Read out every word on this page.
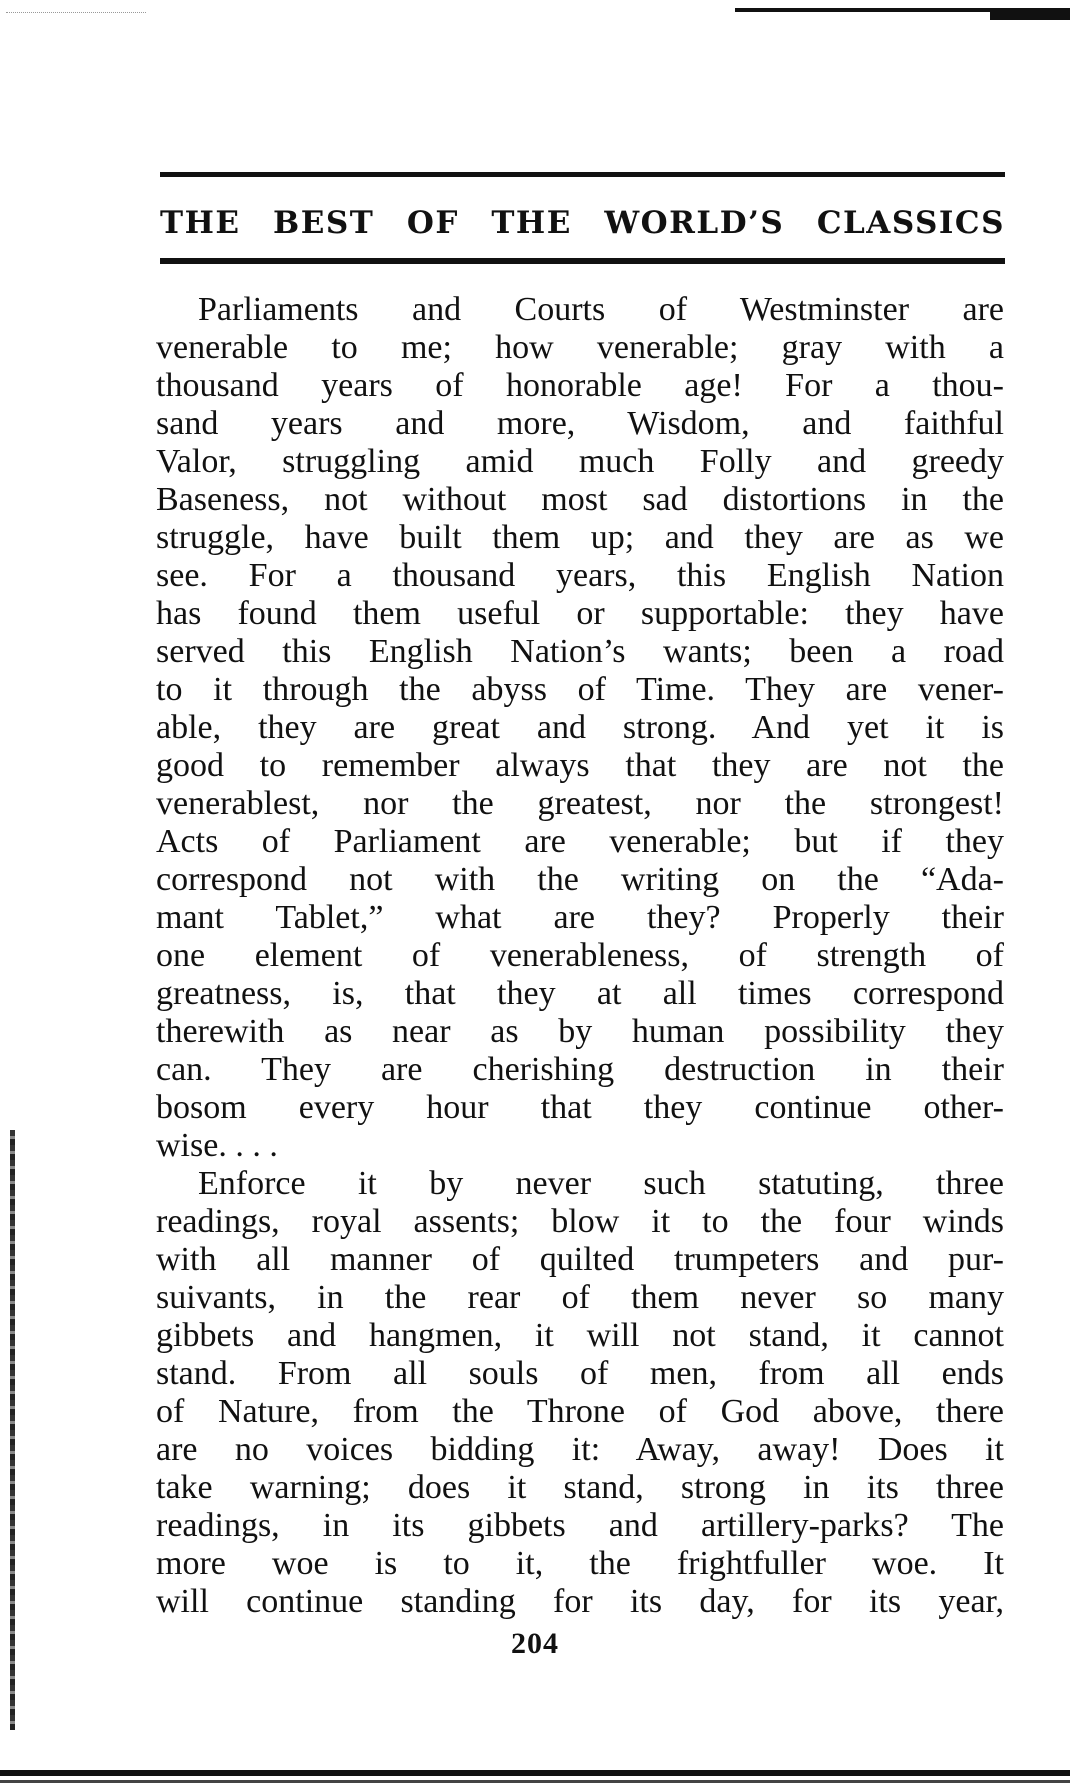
THE BEST OF THE WORLD’S CLASSICS
Parliaments and Courts of Westminster are
venerable to me; how venerable; gray with a
thousand years of honorable age! For a thou-
sand years and more, Wisdom, and faithful
Valor, struggling amid much Folly and greedy
Baseness, not without most sad distortions in the
struggle, have built them up; and they are as we
see. For a thousand years, this English Nation
has found them useful or supportable: they have
served this English Nation’s wants; been a road
to it through the abyss of Time. They are vener-
able, they are great and strong. And yet it is
good to remember always that they are not the
venerablest, nor the greatest, nor the strongest!
Acts of Parliament are venerable; but if they
correspond not with the writing on the “Ada-
mant Tablet,” what are they? Properly their
one element of venerableness, of strength of
greatness, is, that they at all times correspond
therewith as near as by human possibility they
can. They are cherishing destruction in their
bosom every hour that they continue other-
wise. . . .
Enforce it by never such statuting, three
readings, royal assents; blow it to the four winds
with all manner of quilted trumpeters and pur-
suivants, in the rear of them never so many
gibbets and hangmen, it will not stand, it cannot
stand. From all souls of men, from all ends
of Nature, from the Throne of God above, there
are no voices bidding it: Away, away! Does it
take warning; does it stand, strong in its three
readings, in its gibbets and artillery-parks? The
more woe is to it, the frightfuller woe. It
will continue standing for its day, for its year,
204
